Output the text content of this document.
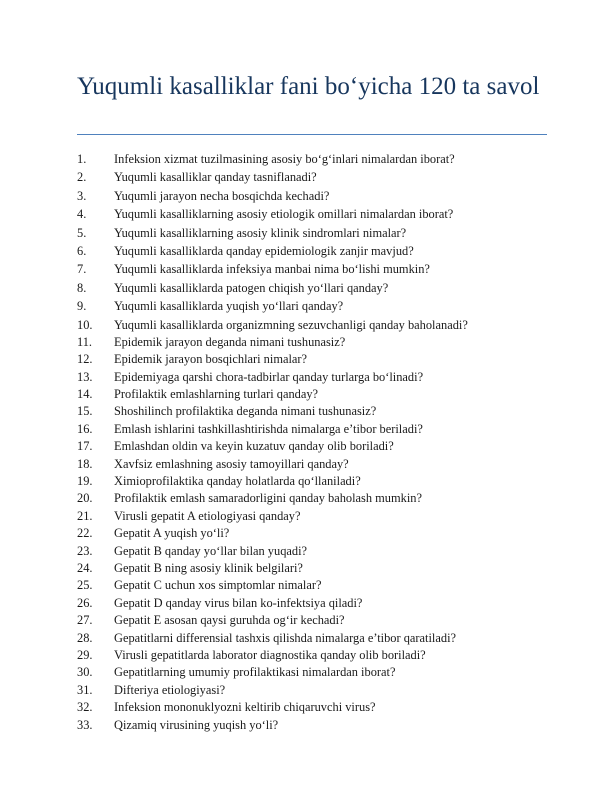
Yuqumli kasalliklar fani bo‘yicha 120 ta savol
1. Infeksion xizmat tuzilmasining asosiy bo‘g‘inlari nimalardan iborat?
2. Yuqumli kasalliklar qanday tasniflanadi?
3. Yuqumli jarayon necha bosqichda kechadi?
4. Yuqumli kasalliklarning asosiy etiologik omillari nimalardan iborat?
5. Yuqumli kasalliklarning asosiy klinik sindromlari nimalar?
6. Yuqumli kasalliklarda qanday epidemiologik zanjir mavjud?
7. Yuqumli kasalliklarda infeksiya manbai nima bo‘lishi mumkin?
8. Yuqumli kasalliklarda patogen chiqish yo‘llari qanday?
9. Yuqumli kasalliklarda yuqish yo‘llari qanday?
10. Yuqumli kasalliklarda organizmning sezuvchanligi qanday baholanadi?
11. Epidemik jarayon deganda nimani tushunasiz?
12. Epidemik jarayon bosqichlari nimalar?
13. Epidemiyaga qarshi chora-tadbirlar qanday turlarga bo‘linadi?
14. Profilaktik emlashlarning turlari qanday?
15. Shoshilinch profilaktika deganda nimani tushunasiz?
16. Emlash ishlarini tashkillashtirishda nimalarga e’tibor beriladi?
17. Emlashdan oldin va keyin kuzatuv qanday olib boriladi?
18. Xavfsiz emlashning asosiy tamoyillari qanday?
19. Ximioprofilaktika qanday holatlarda qo‘llaniladi?
20. Profilaktik emlash samaradorligini qanday baholash mumkin?
21. Virusli gepatit A etiologiyasi qanday?
22. Gepatit A yuqish yo‘li?
23. Gepatit B qanday yo‘llar bilan yuqadi?
24. Gepatit B ning asosiy klinik belgilari?
25. Gepatit C uchun xos simptomlar nimalar?
26. Gepatit D qanday virus bilan ko-infektsiya qiladi?
27. Gepatit E asosan qaysi guruhda og‘ir kechadi?
28. Gepatitlarni differensial tashxis qilishda nimalarga e’tibor qaratiladi?
29. Virusli gepatitlarda laborator diagnostika qanday olib boriladi?
30. Gepatitlarning umumiy profilaktikasi nimalardan iborat?
31. Difteriya etiologiyasi?
32. Infeksion mononuklyozni keltirib chiqaruvchi virus?
33. Qizamiq virusining yuqish yo‘li?
